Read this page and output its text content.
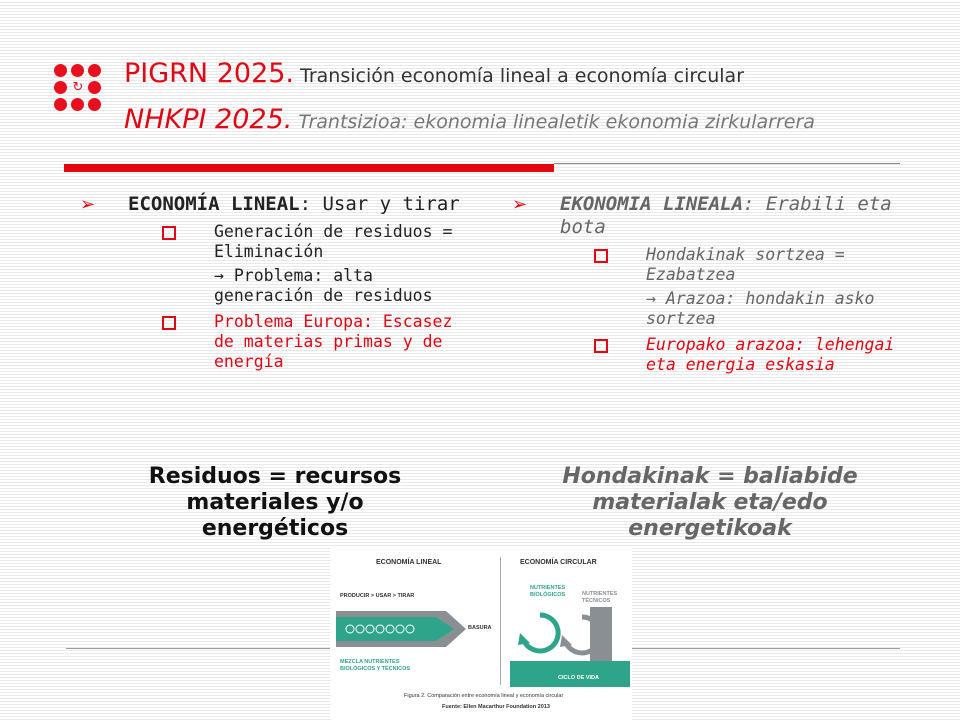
↻ PIGRN 2025. Transición economía lineal a economía circular
NHKPI 2025. Trantsizioa: ekonomia linealetik ekonomia zirkularrera
➢ ECONOMÍA LINEAL: Usar y tirar
Generación de residuos = Eliminación
→ Problema: alta generación de residuos
Problema Europa: Escasez de materias primas y de energía
➢ EKONOMIA LINEALA: Erabili eta bota
Hondakinak sortzea = Ezabatzea
→ Arazoa: hondakin asko sortzea
Europako arazoa: lehengai eta energia eskasia
Residuos = recursos materiales y/o energéticos
Hondakinak = baliabide materialak eta/edo energetikoak
ECONOMÍA LINEAL	ECONOMÍA CIRCULAR
PRODUCIR > USAR > TIRAR
BASURA
MEZCLA NUTRIENTES BIOLÓGICOS Y TÉCNICOS
NUTRIENTES BIOLÓGICOS	NUTRIENTES TÉCNICOS
CICLO DE VIDA
Figura 2. Comparación entre economía lineal y economía circular
Fuente: Ellen Macarthur Foundation 2013
